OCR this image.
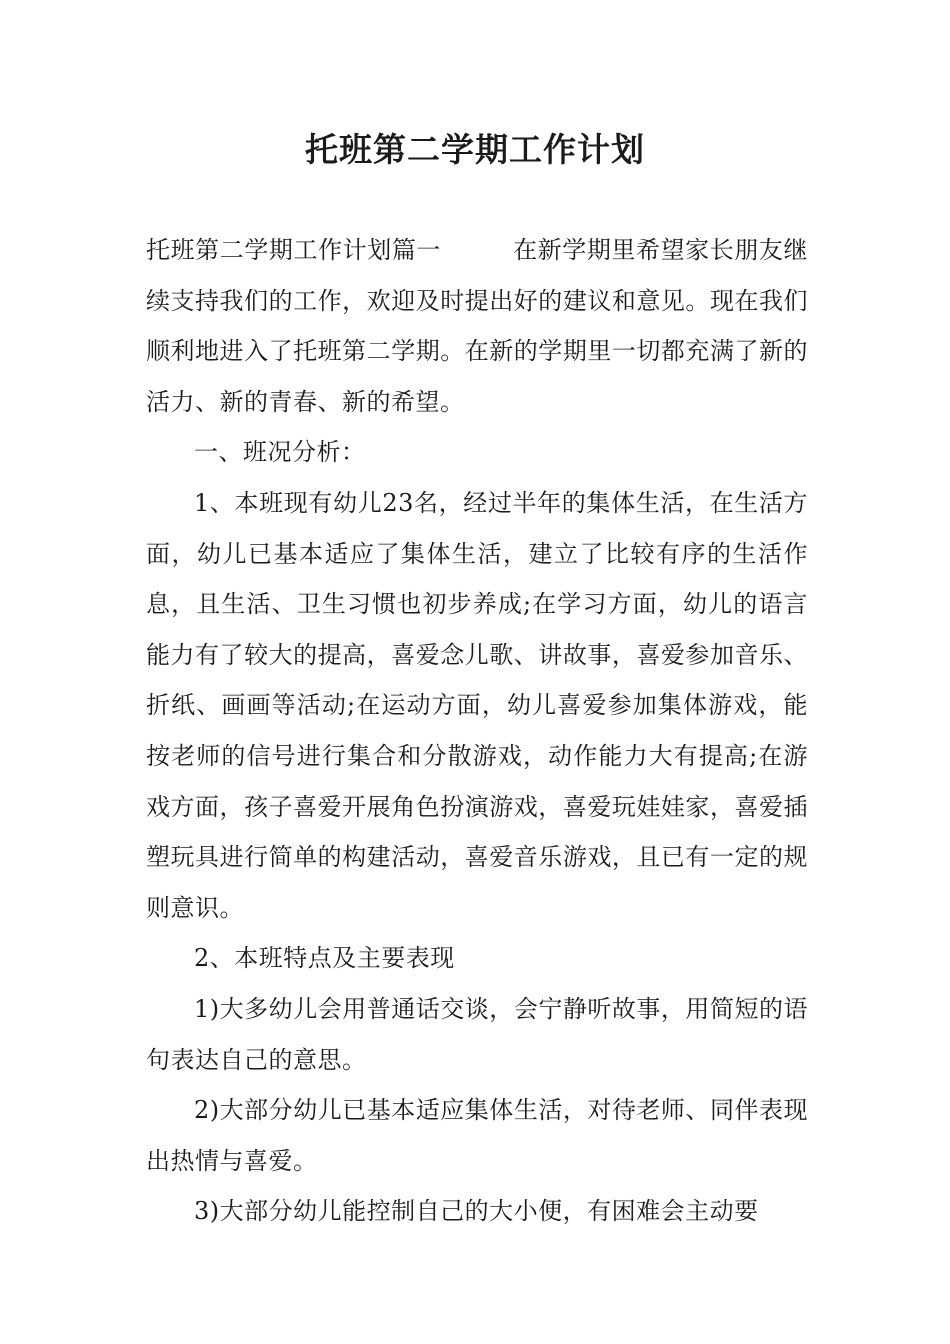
托班第二学期工作计划

托班第二学期工作计划篇一	在新学期里希望家长朋友继续支持我们的工作，欢迎及时提出好的建议和意见。现在我们顺利地进入了托班第二学期。在新的学期里一切都充满了新的活力、新的青春、新的希望。

一、班况分析：

1、本班现有幼儿23名，经过半年的集体生活，在生活方面，幼儿已基本适应了集体生活，建立了比较有序的生活作息，且生活、卫生习惯也初步养成;在学习方面，幼儿的语言能力有了较大的提高，喜爱念儿歌、讲故事，喜爱参加音乐、折纸、画画等活动;在运动方面，幼儿喜爱参加集体游戏，能按老师的信号进行集合和分散游戏，动作能力大有提高;在游戏方面，孩子喜爱开展角色扮演游戏，喜爱玩娃娃家，喜爱插塑玩具进行简单的构建活动，喜爱音乐游戏，且已有一定的规则意识。

2、本班特点及主要表现

1)大多幼儿会用普通话交谈，会宁静听故事，用简短的语句表达自己的意思。

2)大部分幼儿已基本适应集体生活，对待老师、同伴表现出热情与喜爱。

3)大部分幼儿能控制自己的大小便，有困难会主动要
